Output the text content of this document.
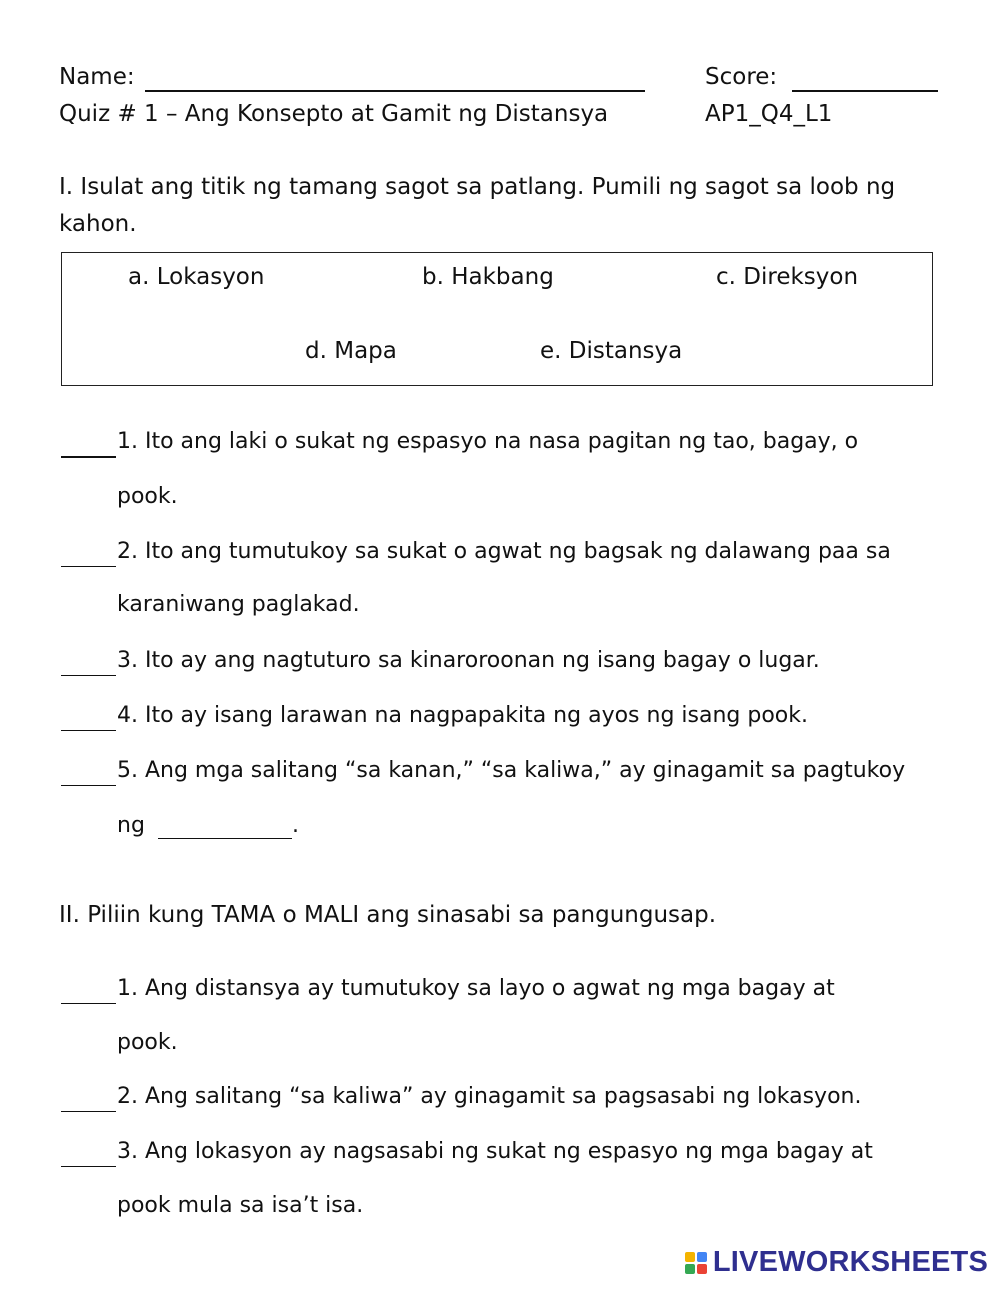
Name:	Score:
Quiz # 1 – Ang Konsepto at Gamit ng Distansya	AP1_Q4_L1
I. Isulat ang titik ng tamang sagot sa patlang. Pumili ng sagot sa loob ng
kahon.
a. Lokasyon	b. Hakbang	c. Direksyon
d. Mapa	e. Distansya
1. Ito ang laki o sukat ng espasyo na nasa pagitan ng tao, bagay, o
pook.
2. Ito ang tumutukoy sa sukat o agwat ng bagsak ng dalawang paa sa
karaniwang paglakad.
3. Ito ay ang nagtuturo sa kinaroroonan ng isang bagay o lugar.
4. Ito ay isang larawan na nagpapakita ng ayos ng isang pook.
5. Ang mga salitang “sa kanan,” “sa kaliwa,” ay ginagamit sa pagtukoy
ng	.
II. Piliin kung TAMA o MALI ang sinasabi sa pangungusap.
1. Ang distansya ay tumutukoy sa layo o agwat ng mga bagay at
pook.
2. Ang salitang “sa kaliwa” ay ginagamit sa pagsasabi ng lokasyon.
3. Ang lokasyon ay nagsasabi ng sukat ng espasyo ng mga bagay at
pook mula sa isa’t isa.
LIVEWORKSHEETS
